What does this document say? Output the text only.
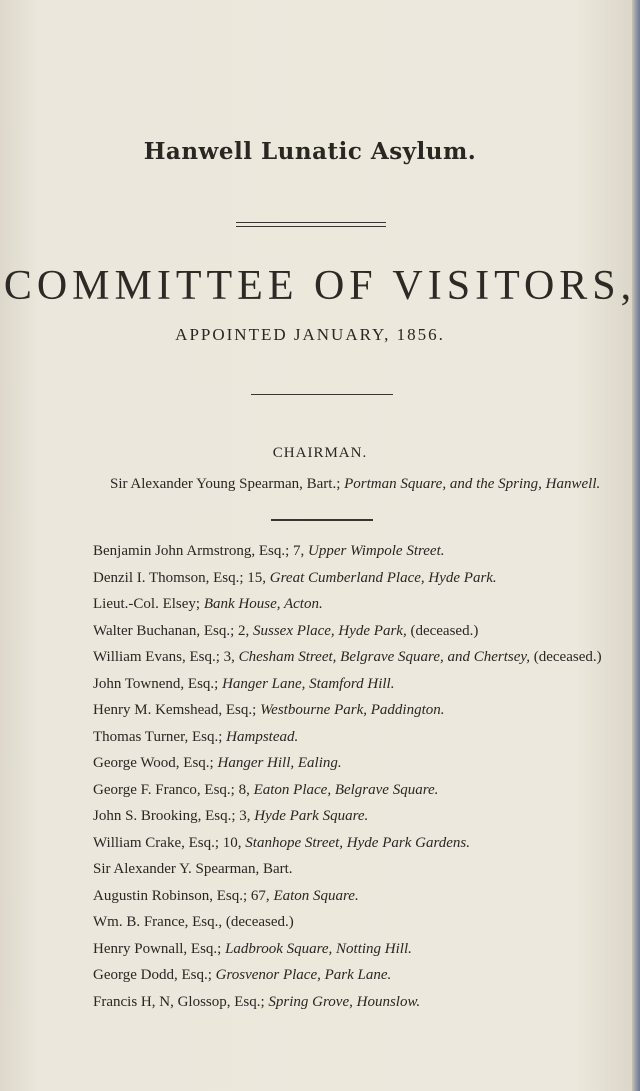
Hanwell Lunatic Asylum.
COMMITTEE OF VISITORS,
APPOINTED JANUARY, 1856.
CHAIRMAN.
Sir Alexander Young Spearman, Bart.; Portman Square, and the Spring, Hanwell.
Benjamin John Armstrong, Esq.; 7, Upper Wimpole Street.
Denzil I. Thomson, Esq.; 15, Great Cumberland Place, Hyde Park.
Lieut.-Col. Elsey; Bank House, Acton.
Walter Buchanan, Esq.; 2, Sussex Place, Hyde Park, (deceased.)
William Evans, Esq.; 3, Chesham Street, Belgrave Square, and Chertsey, (deceased.)
John Townend, Esq.; Hanger Lane, Stamford Hill.
Henry M. Kemshead, Esq.; Westbourne Park, Paddington.
Thomas Turner, Esq.; Hampstead.
George Wood, Esq.; Hanger Hill, Ealing.
George F. Franco, Esq.; 8, Eaton Place, Belgrave Square.
John S. Brooking, Esq.; 3, Hyde Park Square.
William Crake, Esq.; 10, Stanhope Street, Hyde Park Gardens.
Sir Alexander Y. Spearman, Bart.
Augustin Robinson, Esq.; 67, Eaton Square.
Wm. B. France, Esq., (deceased.)
Henry Pownall, Esq.; Ladbrook Square, Notting Hill.
George Dodd, Esq.; Grosvenor Place, Park Lane.
Francis H, N, Glossop, Esq.; Spring Grove, Hounslow.
